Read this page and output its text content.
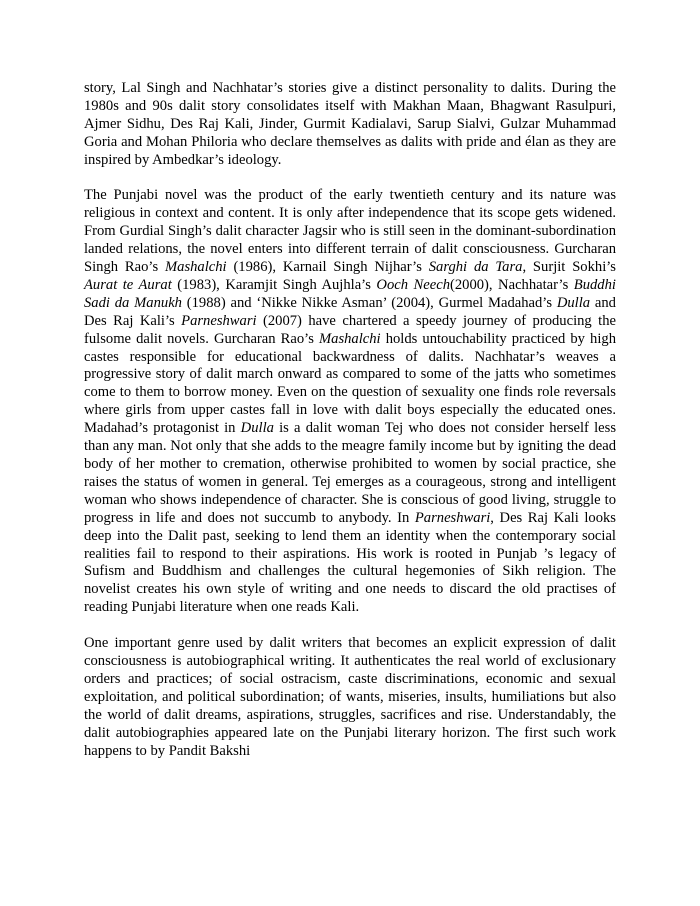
story, Lal Singh and Nachhatar’s stories give a distinct personality to dalits. During the 1980s and 90s dalit story consolidates itself with Makhan Maan, Bhagwant Rasulpuri, Ajmer Sidhu, Des Raj Kali, Jinder, Gurmit Kadialavi, Sarup Sialvi, Gulzar Muhammad Goria and Mohan Philoria who declare themselves as dalits with pride and élan as they are inspired by Ambedkar’s ideology.

The Punjabi novel was the product of the early twentieth century and its nature was religious in context and content. It is only after independence that its scope gets widened. From Gurdial Singh’s dalit character Jagsir who is still seen in the dominant-subordination landed relations, the novel enters into different terrain of dalit consciousness. Gurcharan Singh Rao’s Mashalchi (1986), Karnail Singh Nijhar’s Sarghi da Tara, Surjit Sokhi’s Aurat te Aurat (1983), Karamjit Singh Aujhla’s Ooch Neech(2000), Nachhatar’s Buddhi Sadi da Manukh (1988) and ‘Nikke Nikke Asman’ (2004), Gurmel Madahad’s Dulla and Des Raj Kali’s Parneshwari (2007) have chartered a speedy journey of producing the fulsome dalit novels. Gurcharan Rao’s Mashalchi holds untouchability practiced by high castes responsible for educational backwardness of dalits. Nachhatar’s weaves a progressive story of dalit march onward as compared to some of the jatts who sometimes come to them to borrow money. Even on the question of sexuality one finds role reversals where girls from upper castes fall in love with dalit boys especially the educated ones. Madahad’s protagonist in Dulla is a dalit woman Tej who does not consider herself less than any man. Not only that she adds to the meagre family income but by igniting the dead body of her mother to cremation, otherwise prohibited to women by social practice, she raises the status of women in general. Tej emerges as a courageous, strong and intelligent woman who shows independence of character. She is conscious of good living, struggle to progress in life and does not succumb to anybody. In Parneshwari, Des Raj Kali looks deep into the Dalit past, seeking to lend them an identity when the contemporary social realities fail to respond to their aspirations. His work is rooted in Punjab ’s legacy of Sufism and Buddhism and challenges the cultural hegemonies of Sikh religion. The novelist creates his own style of writing and one needs to discard the old practises of reading Punjabi literature when one reads Kali.

One important genre used by dalit writers that becomes an explicit expression of dalit consciousness is autobiographical writing. It authenticates the real world of exclusionary orders and practices; of social ostracism, caste discriminations, economic and sexual exploitation, and political subordination; of wants, miseries, insults, humiliations but also the world of dalit dreams, aspirations, struggles, sacrifices and rise. Understandably, the dalit autobiographies appeared late on the Punjabi literary horizon. The first such work happens to by Pandit Bakshi
